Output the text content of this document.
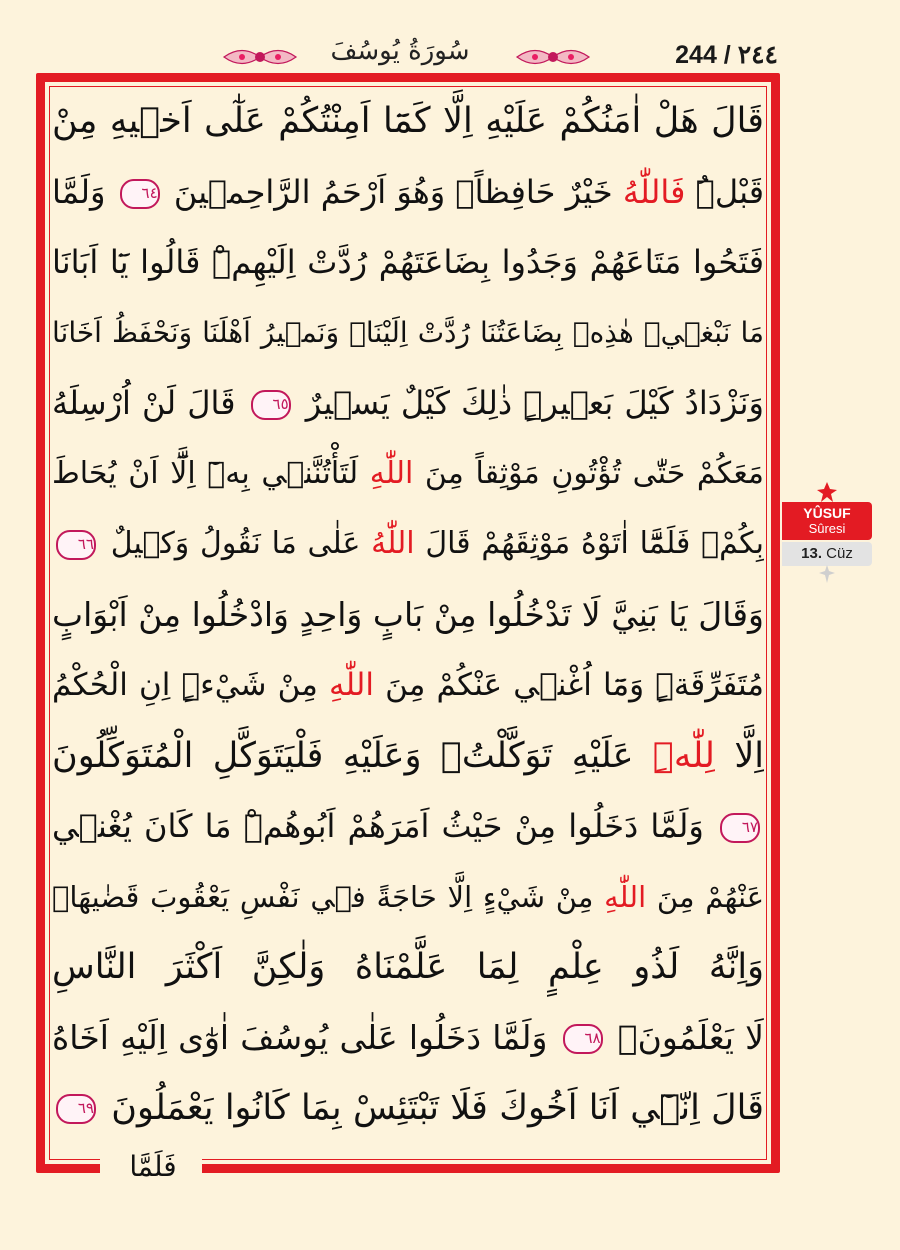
سُورَةُ يُوسُفَ	244 / ٢٤٤
قَالَ هَلْ اٰمَنُكُمْ عَلَيْهِ اِلَّا كَمَٓا اَمِنْتُكُمْ عَلٰٓى اَخ۪يهِ مِنْ
قَبْلُۜ فَاللّٰهُ خَيْرٌ حَافِظاًۖ وَهُوَ اَرْحَمُ الرَّاحِم۪ينَ ٦٤ وَلَمَّا
فَتَحُوا مَتَاعَهُمْ وَجَدُوا بِضَاعَتَهُمْ رُدَّتْ اِلَيْهِمْۜ قَالُوا يَٓا اَبَانَا
مَا نَبْغ۪يۜ هٰذِه۪ بِضَاعَتُنَا رُدَّتْ اِلَيْنَاۚ وَنَم۪يرُ اَهْلَنَا وَنَحْفَظُ اَخَانَا
وَنَزْدَادُ كَيْلَ بَع۪يرٍۜ ذٰلِكَ كَيْلٌ يَس۪يرٌ ٦٥ قَالَ لَنْ اُرْسِلَهُ
مَعَكُمْ حَتّٰى تُؤْتُونِ مَوْثِقاً مِنَ اللّٰهِ لَتَأْتُنَّن۪ي بِه۪ٓ اِلَّٓا اَنْ يُحَاطَ
بِكُمْۚ فَلَمَّٓا اٰتَوْهُ مَوْثِقَهُمْ قَالَ اللّٰهُ عَلٰى مَا نَقُولُ وَك۪يلٌ ٦٦
وَقَالَ يَا بَنِيَّ لَا تَدْخُلُوا مِنْ بَابٍ وَاحِدٍ وَادْخُلُوا مِنْ اَبْوَابٍ
مُتَفَرِّقَةٍۜ وَمَٓا اُغْن۪ي عَنْكُمْ مِنَ اللّٰهِ مِنْ شَيْءٍۜ اِنِ الْحُكْمُ
اِلَّا لِلّٰهِۜ عَلَيْهِ تَوَكَّلْتُۚ وَعَلَيْهِ فَلْيَتَوَكَّلِ الْمُتَوَكِّلُونَ
٦٧ وَلَمَّا دَخَلُوا مِنْ حَيْثُ اَمَرَهُمْ اَبُوهُمْۜ مَا كَانَ يُغْن۪ي
عَنْهُمْ مِنَ اللّٰهِ مِنْ شَيْءٍ اِلَّا حَاجَةً ف۪ي نَفْسِ يَعْقُوبَ قَضٰيهَاۜ
وَاِنَّهُ لَذُو عِلْمٍ لِمَا عَلَّمْنَاهُ وَلٰكِنَّ اَكْثَرَ النَّاسِ
لَا يَعْلَمُونَ۟ ٦٨ وَلَمَّا دَخَلُوا عَلٰى يُوسُفَ اٰوٰٓى اِلَيْهِ اَخَاهُ
قَالَ اِنّ۪ٓي اَنَا اَخُوكَ فَلَا تَبْتَئِسْ بِمَا كَانُوا يَعْمَلُونَ ٦٩
فَلَمَّا
YÛSUF
Sûresi
13. Cüz
